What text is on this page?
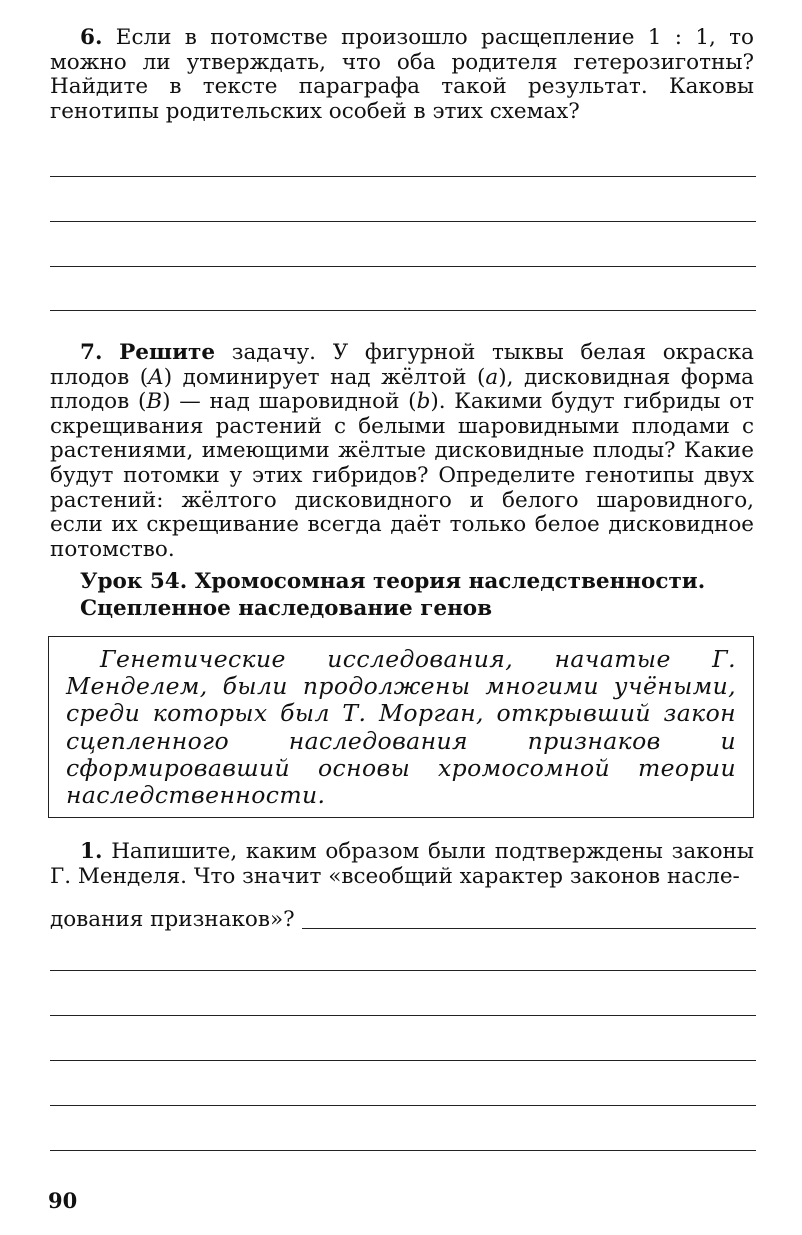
6. Если в потомстве произошло расщепление 1 : 1, то можно ли утверждать, что оба родителя гетерозиготны? Найдите в тексте параграфа такой результат. Каковы генотипы родительских особей в этих схемах?
7. Решите задачу. У фигурной тыквы белая окраска плодов (A) доминирует над жёлтой (a), дисковидная форма плодов (B) — над шаровидной (b). Какими будут гибриды от скрещивания растений с белыми шаровидными плодами с растениями, имеющими жёлтые дисковидные плоды? Какие будут потомки у этих гибридов? Определите генотипы двух растений: жёлтого дисковидного и белого шаровидного, если их скрещивание всегда даёт только белое дисковидное потомство.
Урок 54. Хромосомная теория наследственности.
Сцепленное наследование генов
Генетические исследования, начатые Г. Менделем, были продолжены многими учёными, среди которых был Т. Морган, открывший закон сцепленного наследования признаков и сформировавший основы хромосомной теории наследственности.
1. Напишите, каким образом были подтверждены законы Г. Менделя. Что значит «всеобщий характер законов насле-
дования признаков»?
90
